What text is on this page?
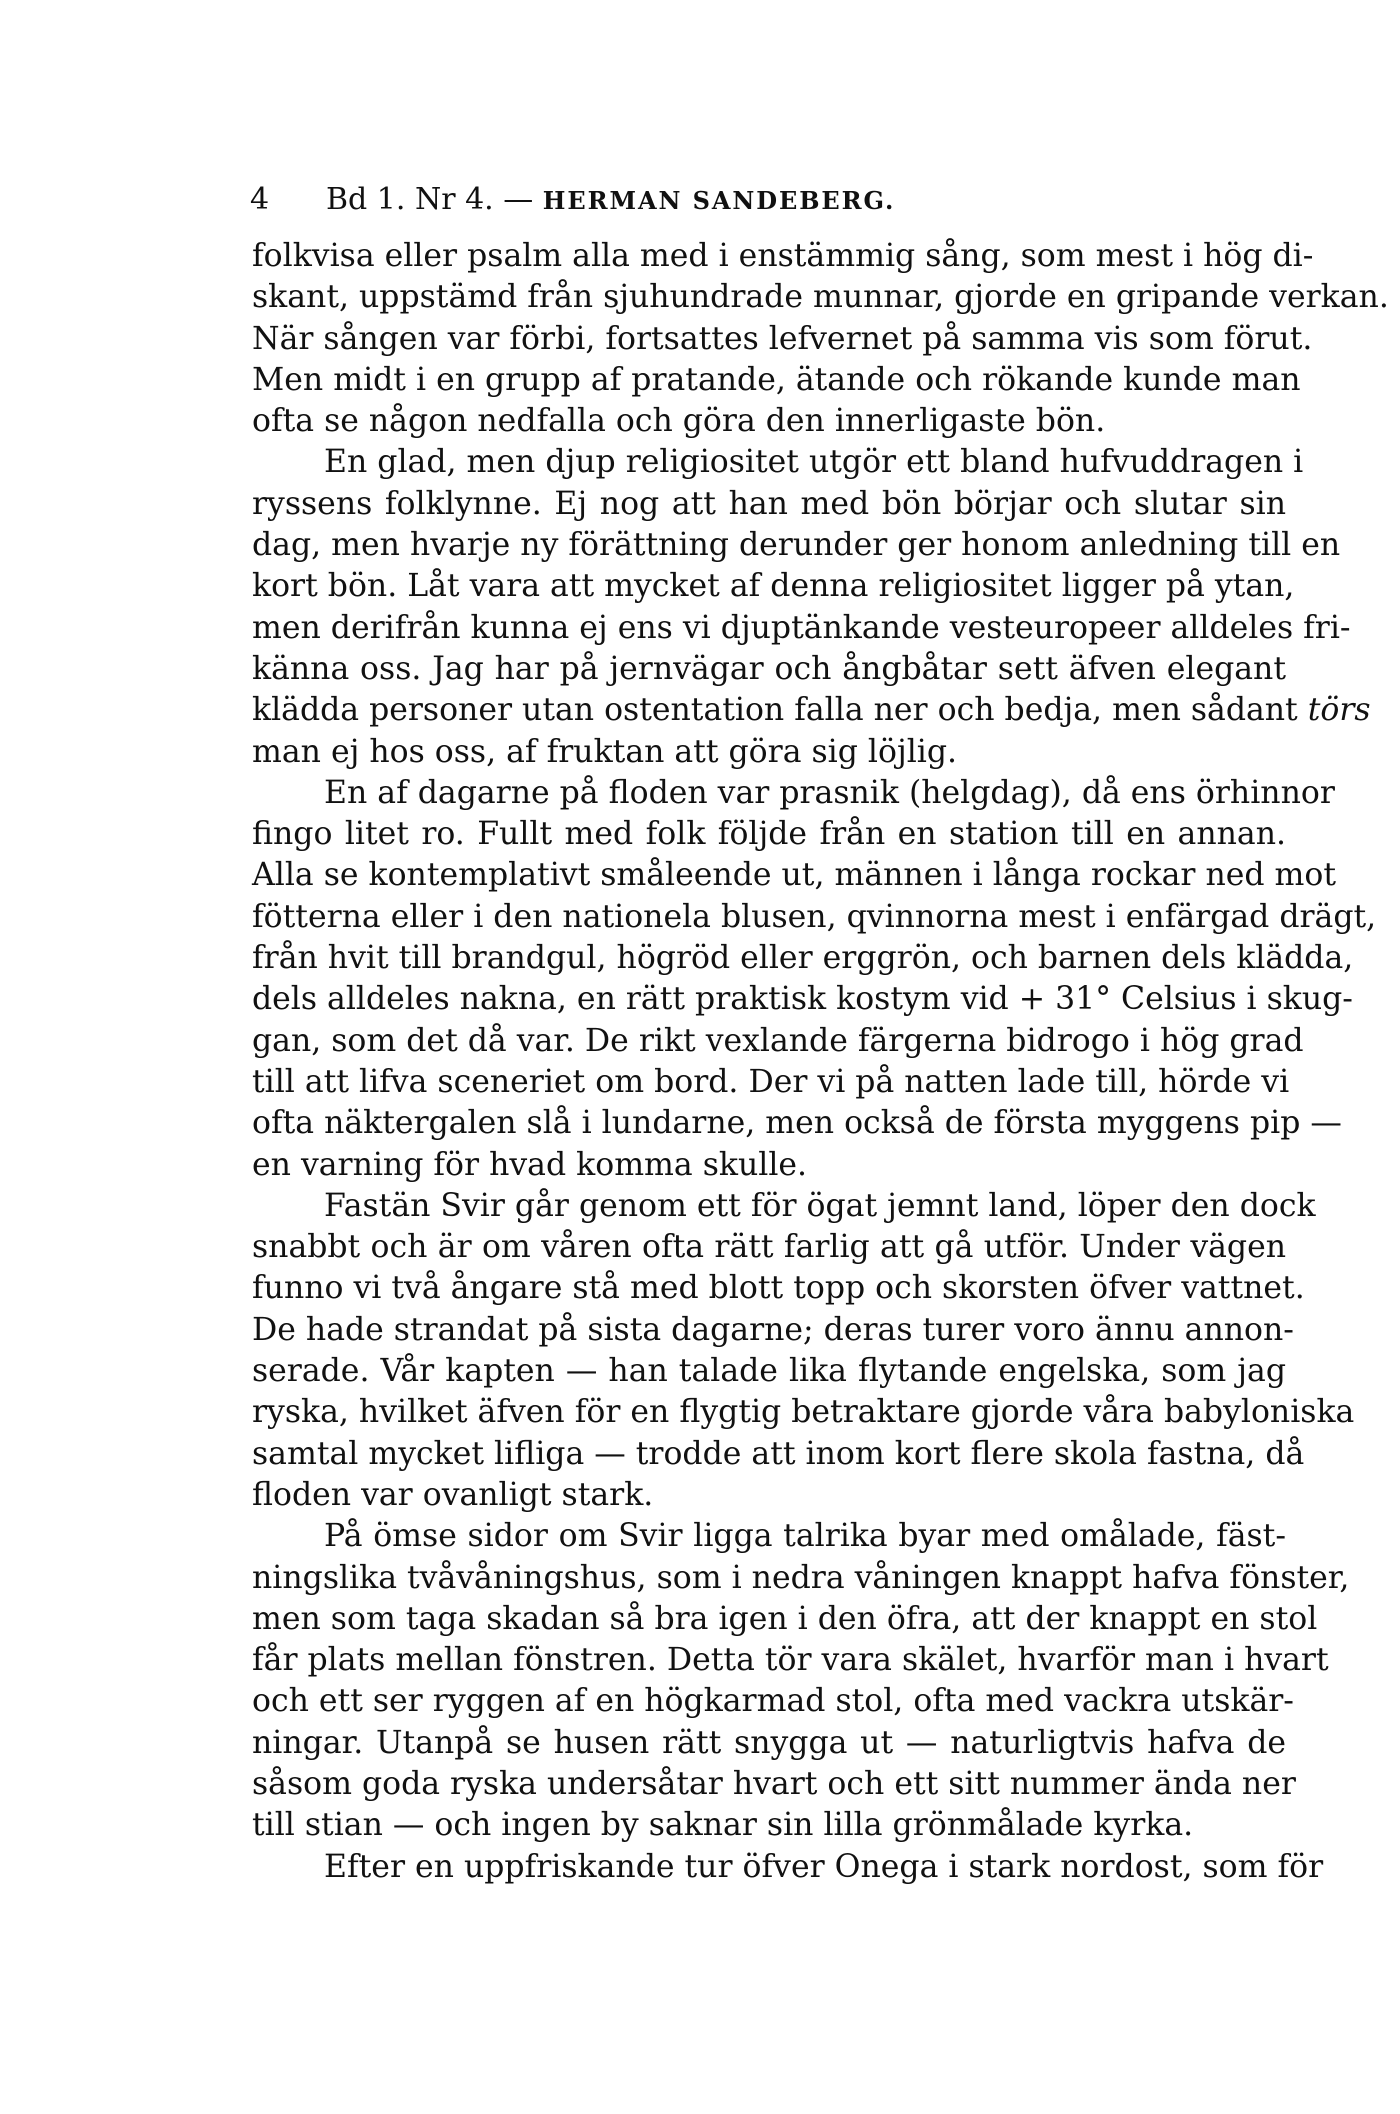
4 Bd 1. Nr 4. — HERMAN SANDEBERG.
folkvisa eller psalm alla med i enstämmig sång, som mest i hög di-
skant, uppstämd från sjuhundrade munnar, gjorde en gripande verkan.
När sången var förbi, fortsattes lefvernet på samma vis som förut.
Men midt i en grupp af pratande, ätande och rökande kunde man
ofta se någon nedfalla och göra den innerligaste bön.
En glad, men djup religiositet utgör ett bland hufvuddragen i
ryssens folklynne. Ej nog att han med bön börjar och slutar sin
dag, men hvarje ny förättning derunder ger honom anledning till en
kort bön. Låt vara att mycket af denna religiositet ligger på ytan,
men derifrån kunna ej ens vi djuptänkande vesteuropeer alldeles fri-
känna oss. Jag har på jernvägar och ångbåtar sett äfven elegant
klädda personer utan ostentation falla ner och bedja, men sådant törs
man ej hos oss, af fruktan att göra sig löjlig.
En af dagarne på floden var prasnik (helgdag), då ens örhinnor
fingo litet ro. Fullt med folk följde från en station till en annan.
Alla se kontemplativt småleende ut, männen i långa rockar ned mot
fötterna eller i den nationela blusen, qvinnorna mest i enfärgad drägt,
från hvit till brandgul, högröd eller erggrön, och barnen dels klädda,
dels alldeles nakna, en rätt praktisk kostym vid + 31° Celsius i skug-
gan, som det då var. De rikt vexlande färgerna bidrogo i hög grad
till att lifva sceneriet om bord. Der vi på natten lade till, hörde vi
ofta näktergalen slå i lundarne, men också de första myggens pip —
en varning för hvad komma skulle.
Fastän Svir går genom ett för ögat jemnt land, löper den dock
snabbt och är om våren ofta rätt farlig att gå utför. Under vägen
funno vi två ångare stå med blott topp och skorsten öfver vattnet.
De hade strandat på sista dagarne; deras turer voro ännu annon-
serade. Vår kapten — han talade lika flytande engelska, som jag
ryska, hvilket äfven för en flygtig betraktare gjorde våra babyloniska
samtal mycket lifliga — trodde att inom kort flere skola fastna, då
floden var ovanligt stark.
På ömse sidor om Svir ligga talrika byar med omålade, fäst-
ningslika tvåvåningshus, som i nedra våningen knappt hafva fönster,
men som taga skadan så bra igen i den öfra, att der knappt en stol
får plats mellan fönstren. Detta tör vara skälet, hvarför man i hvart
och ett ser ryggen af en högkarmad stol, ofta med vackra utskär-
ningar. Utanpå se husen rätt snygga ut — naturligtvis hafva de
såsom goda ryska undersåtar hvart och ett sitt nummer ända ner
till stian — och ingen by saknar sin lilla grönmålade kyrka.
Efter en uppfriskande tur öfver Onega i stark nordost, som för
